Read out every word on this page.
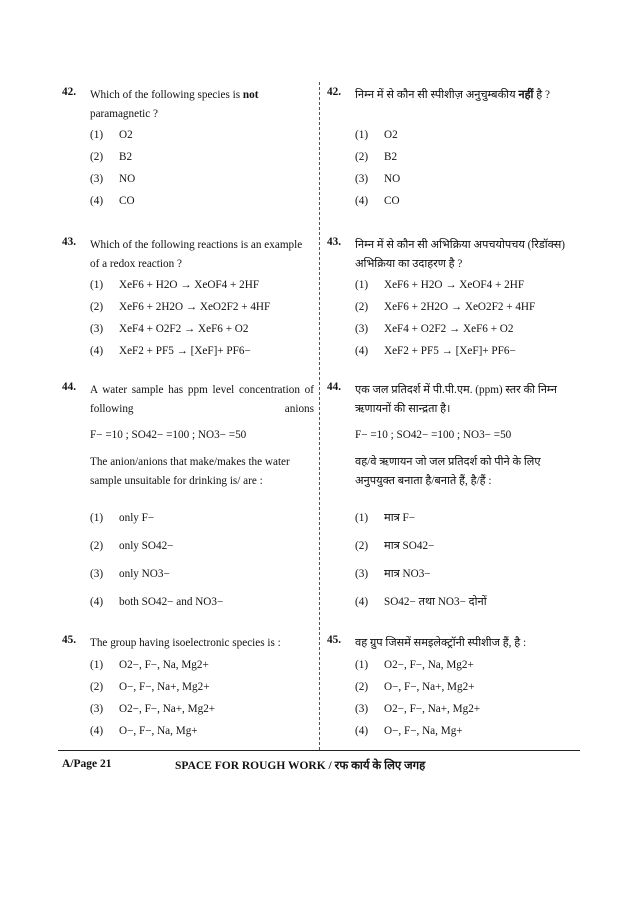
42. Which of the following species is not
paramagnetic ?
(1) O2
(2) B2
(3) NO
(4) CO
43. Which of the following reactions is an example of a redox reaction ?
(1) XeF6 + H2O → XeOF4 + 2HF
(2) XeF6 + 2H2O → XeO2F2 + 4HF
(3) XeF4 + O2F2 → XeF6 + O2
(4) XeF2 + PF5 → [XeF]+ PF6−
44. A water sample has ppm level concentration of following anions
F− =10 ; SO42− =100 ; NO3− =50
The anion/anions that make/makes the water sample unsuitable for drinking is/ are :
(1) only F−
(2) only SO42−
(3) only NO3−
(4) both SO42− and NO3−
45. The group having isoelectronic species is :
(1) O2−, F−, Na, Mg2+
(2) O−, F−, Na+, Mg2+
(3) O2−, F−, Na+, Mg2+
(4) O−, F−, Na, Mg+
42. निम्न में से कौन सी स्पीशीज़ अनुचुम्बकीय नहीं है ?
(1) O2
(2) B2
(3) NO
(4) CO
43. निम्न में से कौन सी अभिक्रिया अपचयोपचय (रिडॉक्स) अभिक्रिया का उदाहरण है ?
(1) XeF6 + H2O → XeOF4 + 2HF
(2) XeF6 + 2H2O → XeO2F2 + 4HF
(3) XeF4 + O2F2 → XeF6 + O2
(4) XeF2 + PF5 → [XeF]+ PF6−
44. एक जल प्रतिदर्श में पी.पी.एम. (ppm) स्तर की निम्न ऋणायनों की सान्द्रता है।
F− =10 ; SO42− =100 ; NO3− =50
वह/वे ऋणायन जो जल प्रतिदर्श को पीने के लिए अनुपयुक्त बनाता है/बनाते हैं, है/हैं :
(1) मात्र F−
(2) मात्र SO42−
(3) मात्र NO3−
(4) SO42− तथा NO3− दोनों
45. वह ग्रुप जिसमें समइलेक्ट्रॉनी स्पीशीज हैं, है :
(1) O2−, F−, Na, Mg2+
(2) O−, F−, Na+, Mg2+
(3) O2−, F−, Na+, Mg2+
(4) O−, F−, Na, Mg+
A/Page 21	SPACE FOR ROUGH WORK / रफ कार्य के लिए जगह
